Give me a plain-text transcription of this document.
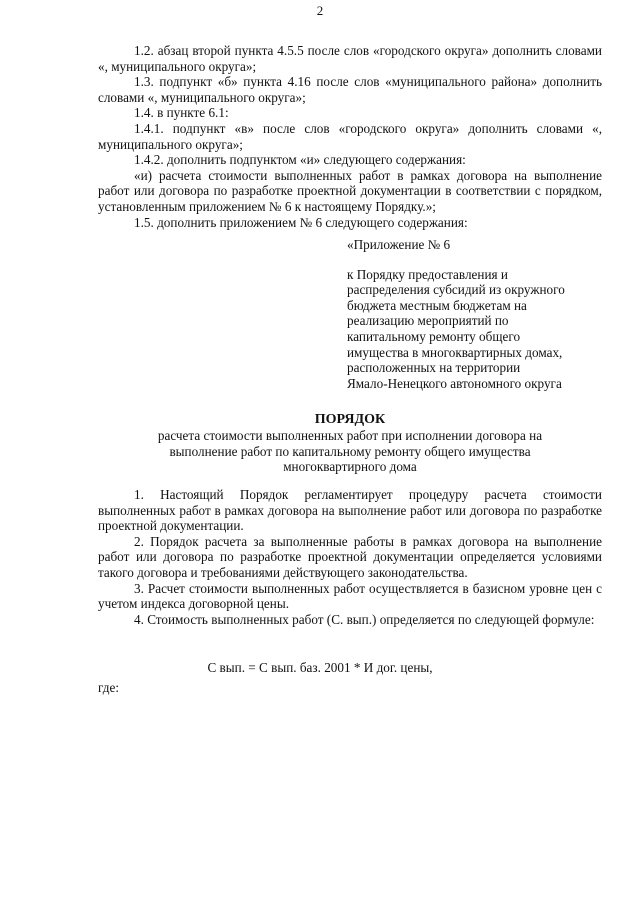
2

1.2. абзац второй пункта 4.5.5 после слов «городского округа» дополнить словами «, муниципального округа»;

1.3. подпункт «б» пункта 4.16 после слов «муниципального района» дополнить словами «, муниципального округа»;

1.4. в пункте 6.1:

1.4.1. подпункт «в» после слов «городского округа» дополнить словами «, муниципального округа»;

1.4.2. дополнить подпунктом «и» следующего содержания:

«и) расчета стоимости выполненных работ в рамках договора на выполнение работ или договора по разработке проектной документации в соответствии с порядком, установленным приложением № 6 к настоящему Порядку.»;

1.5. дополнить приложением № 6 следующего содержания:

«Приложение № 6

к Порядку предоставления и

распределения субсидий из окружного

бюджета местным бюджетам на

реализацию мероприятий по

капитальному ремонту общего

имущества в многоквартирных домах,

расположенных на территории

Ямало-Ненецкого автономного округа

ПОРЯДОК
расчета стоимости выполненных работ при исполнении договора на
выполнение работ по капитальному ремонту общего имущества
многоквартирного дома

1. Настоящий Порядок регламентирует процедуру расчета стоимости выполненных работ в рамках договора на выполнение работ или договора по разработке проектной документации.

2. Порядок расчета за выполненные работы в рамках договора на выполнение работ или договора по разработке проектной документации определяется условиями такого договора и требованиями действующего законодательства.

3. Расчет стоимости выполненных работ осуществляется в базисном уровне цен с учетом индекса договорной цены.

4. Стоимость выполненных работ (С. вып.) определяется по следующей формуле:

С вып. = С вып. баз. 2001 * И дог. цены,
где:
